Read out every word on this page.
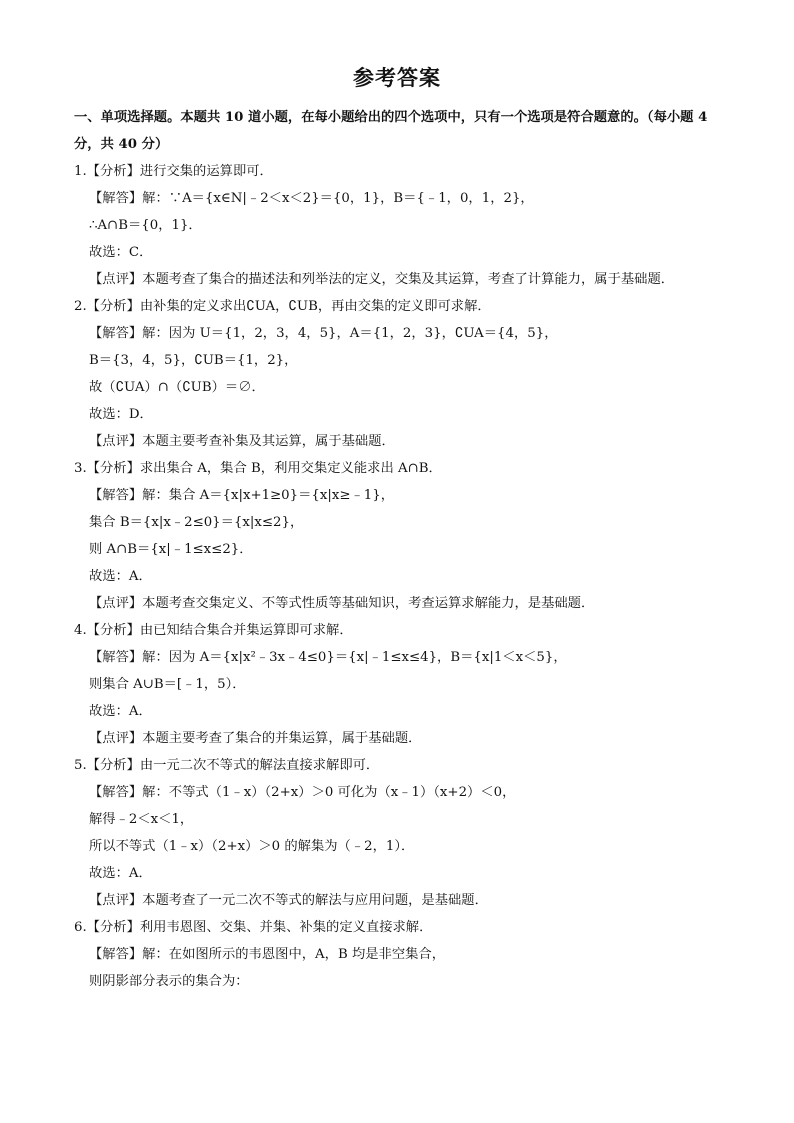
参考答案
一、单项选择题。本题共 10 道小题，在每小题给出的四个选项中，只有一个选项是符合题意的。（每小题 4 分，共 40 分）
1.【分析】进行交集的运算即可．
【解答】解：∵A＝{x∈N|﹣2＜x＜2}＝{0，1}，B＝{﹣1，0，1，2}，
∴A∩B＝{0，1}．
故选：C．
【点评】本题考查了集合的描述法和列举法的定义，交集及其运算，考查了计算能力，属于基础题．
2.【分析】由补集的定义求出∁UA，∁UB，再由交集的定义即可求解．
【解答】解：因为 U＝{1，2，3，4，5}，A＝{1，2，3}，∁UA＝{4，5}，
B＝{3，4，5}，∁UB＝{1，2}，
故（∁UA）∩（∁UB）＝∅．
故选：D．
【点评】本题主要考查补集及其运算，属于基础题．
3.【分析】求出集合 A，集合 B，利用交集定义能求出 A∩B．
【解答】解：集合 A＝{x|x+1≥0}＝{x|x≥﹣1}，
集合 B＝{x|x﹣2≤0}＝{x|x≤2}，
则 A∩B＝{x|﹣1≤x≤2}．
故选：A．
【点评】本题考查交集定义、不等式性质等基础知识，考查运算求解能力，是基础题．
4.【分析】由已知结合集合并集运算即可求解．
【解答】解：因为 A＝{x|x²﹣3x﹣4≤0}＝{x|﹣1≤x≤4}，B＝{x|1＜x＜5}，
则集合 A∪B＝[﹣1，5）．
故选：A．
【点评】本题主要考查了集合的并集运算，属于基础题．
5.【分析】由一元二次不等式的解法直接求解即可．
【解答】解：不等式（1﹣x）（2+x）＞0 可化为（x﹣1）（x+2）＜0，
解得﹣2＜x＜1，
所以不等式（1﹣x）（2+x）＞0 的解集为（﹣2，1）．
故选：A．
【点评】本题考查了一元二次不等式的解法与应用问题，是基础题．
6.【分析】利用韦恩图、交集、并集、补集的定义直接求解．
【解答】解：在如图所示的韦恩图中，A，B 均是非空集合，
则阴影部分表示的集合为：
